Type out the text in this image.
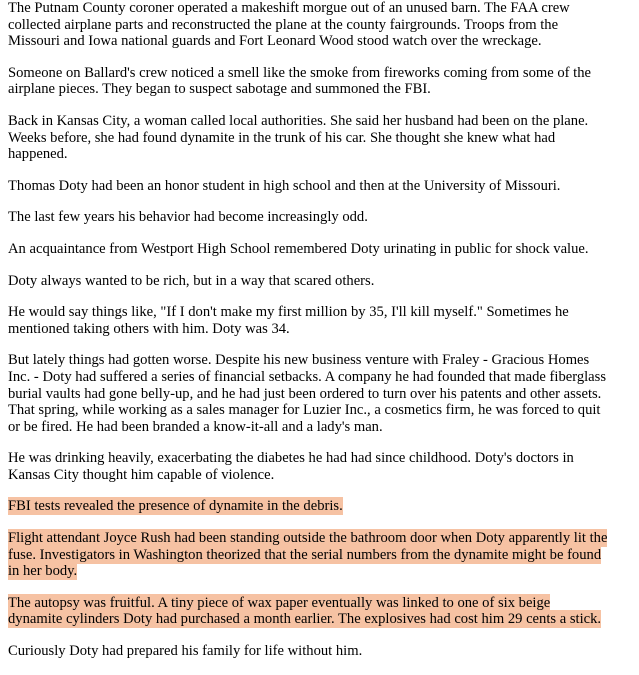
The Putnam County coroner operated a makeshift morgue out of an unused barn. The FAA crew collected airplane parts and reconstructed the plane at the county fairgrounds. Troops from the Missouri and Iowa national guards and Fort Leonard Wood stood watch over the wreckage.

Someone on Ballard's crew noticed a smell like the smoke from fireworks coming from some of the airplane pieces. They began to suspect sabotage and summoned the FBI.

Back in Kansas City, a woman called local authorities. She said her husband had been on the plane. Weeks before, she had found dynamite in the trunk of his car. She thought she knew what had happened.

Thomas Doty had been an honor student in high school and then at the University of Missouri.

The last few years his behavior had become increasingly odd.

An acquaintance from Westport High School remembered Doty urinating in public for shock value.

Doty always wanted to be rich, but in a way that scared others.

He would say things like, "If I don't make my first million by 35, I'll kill myself." Sometimes he mentioned taking others with him. Doty was 34.

But lately things had gotten worse. Despite his new business venture with Fraley - Gracious Homes Inc. - Doty had suffered a series of financial setbacks. A company he had founded that made fiberglass burial vaults had gone belly-up, and he had just been ordered to turn over his patents and other assets. That spring, while working as a sales manager for Luzier Inc., a cosmetics firm, he was forced to quit or be fired. He had been branded a know-it-all and a lady's man.

He was drinking heavily, exacerbating the diabetes he had had since childhood. Doty's doctors in Kansas City thought him capable of violence.

FBI tests revealed the presence of dynamite in the debris.

Flight attendant Joyce Rush had been standing outside the bathroom door when Doty apparently lit the fuse. Investigators in Washington theorized that the serial numbers from the dynamite might be found in her body.

The autopsy was fruitful. A tiny piece of wax paper eventually was linked to one of six beige dynamite cylinders Doty had purchased a month earlier. The explosives had cost him 29 cents a stick.

Curiously Doty had prepared his family for life without him.
